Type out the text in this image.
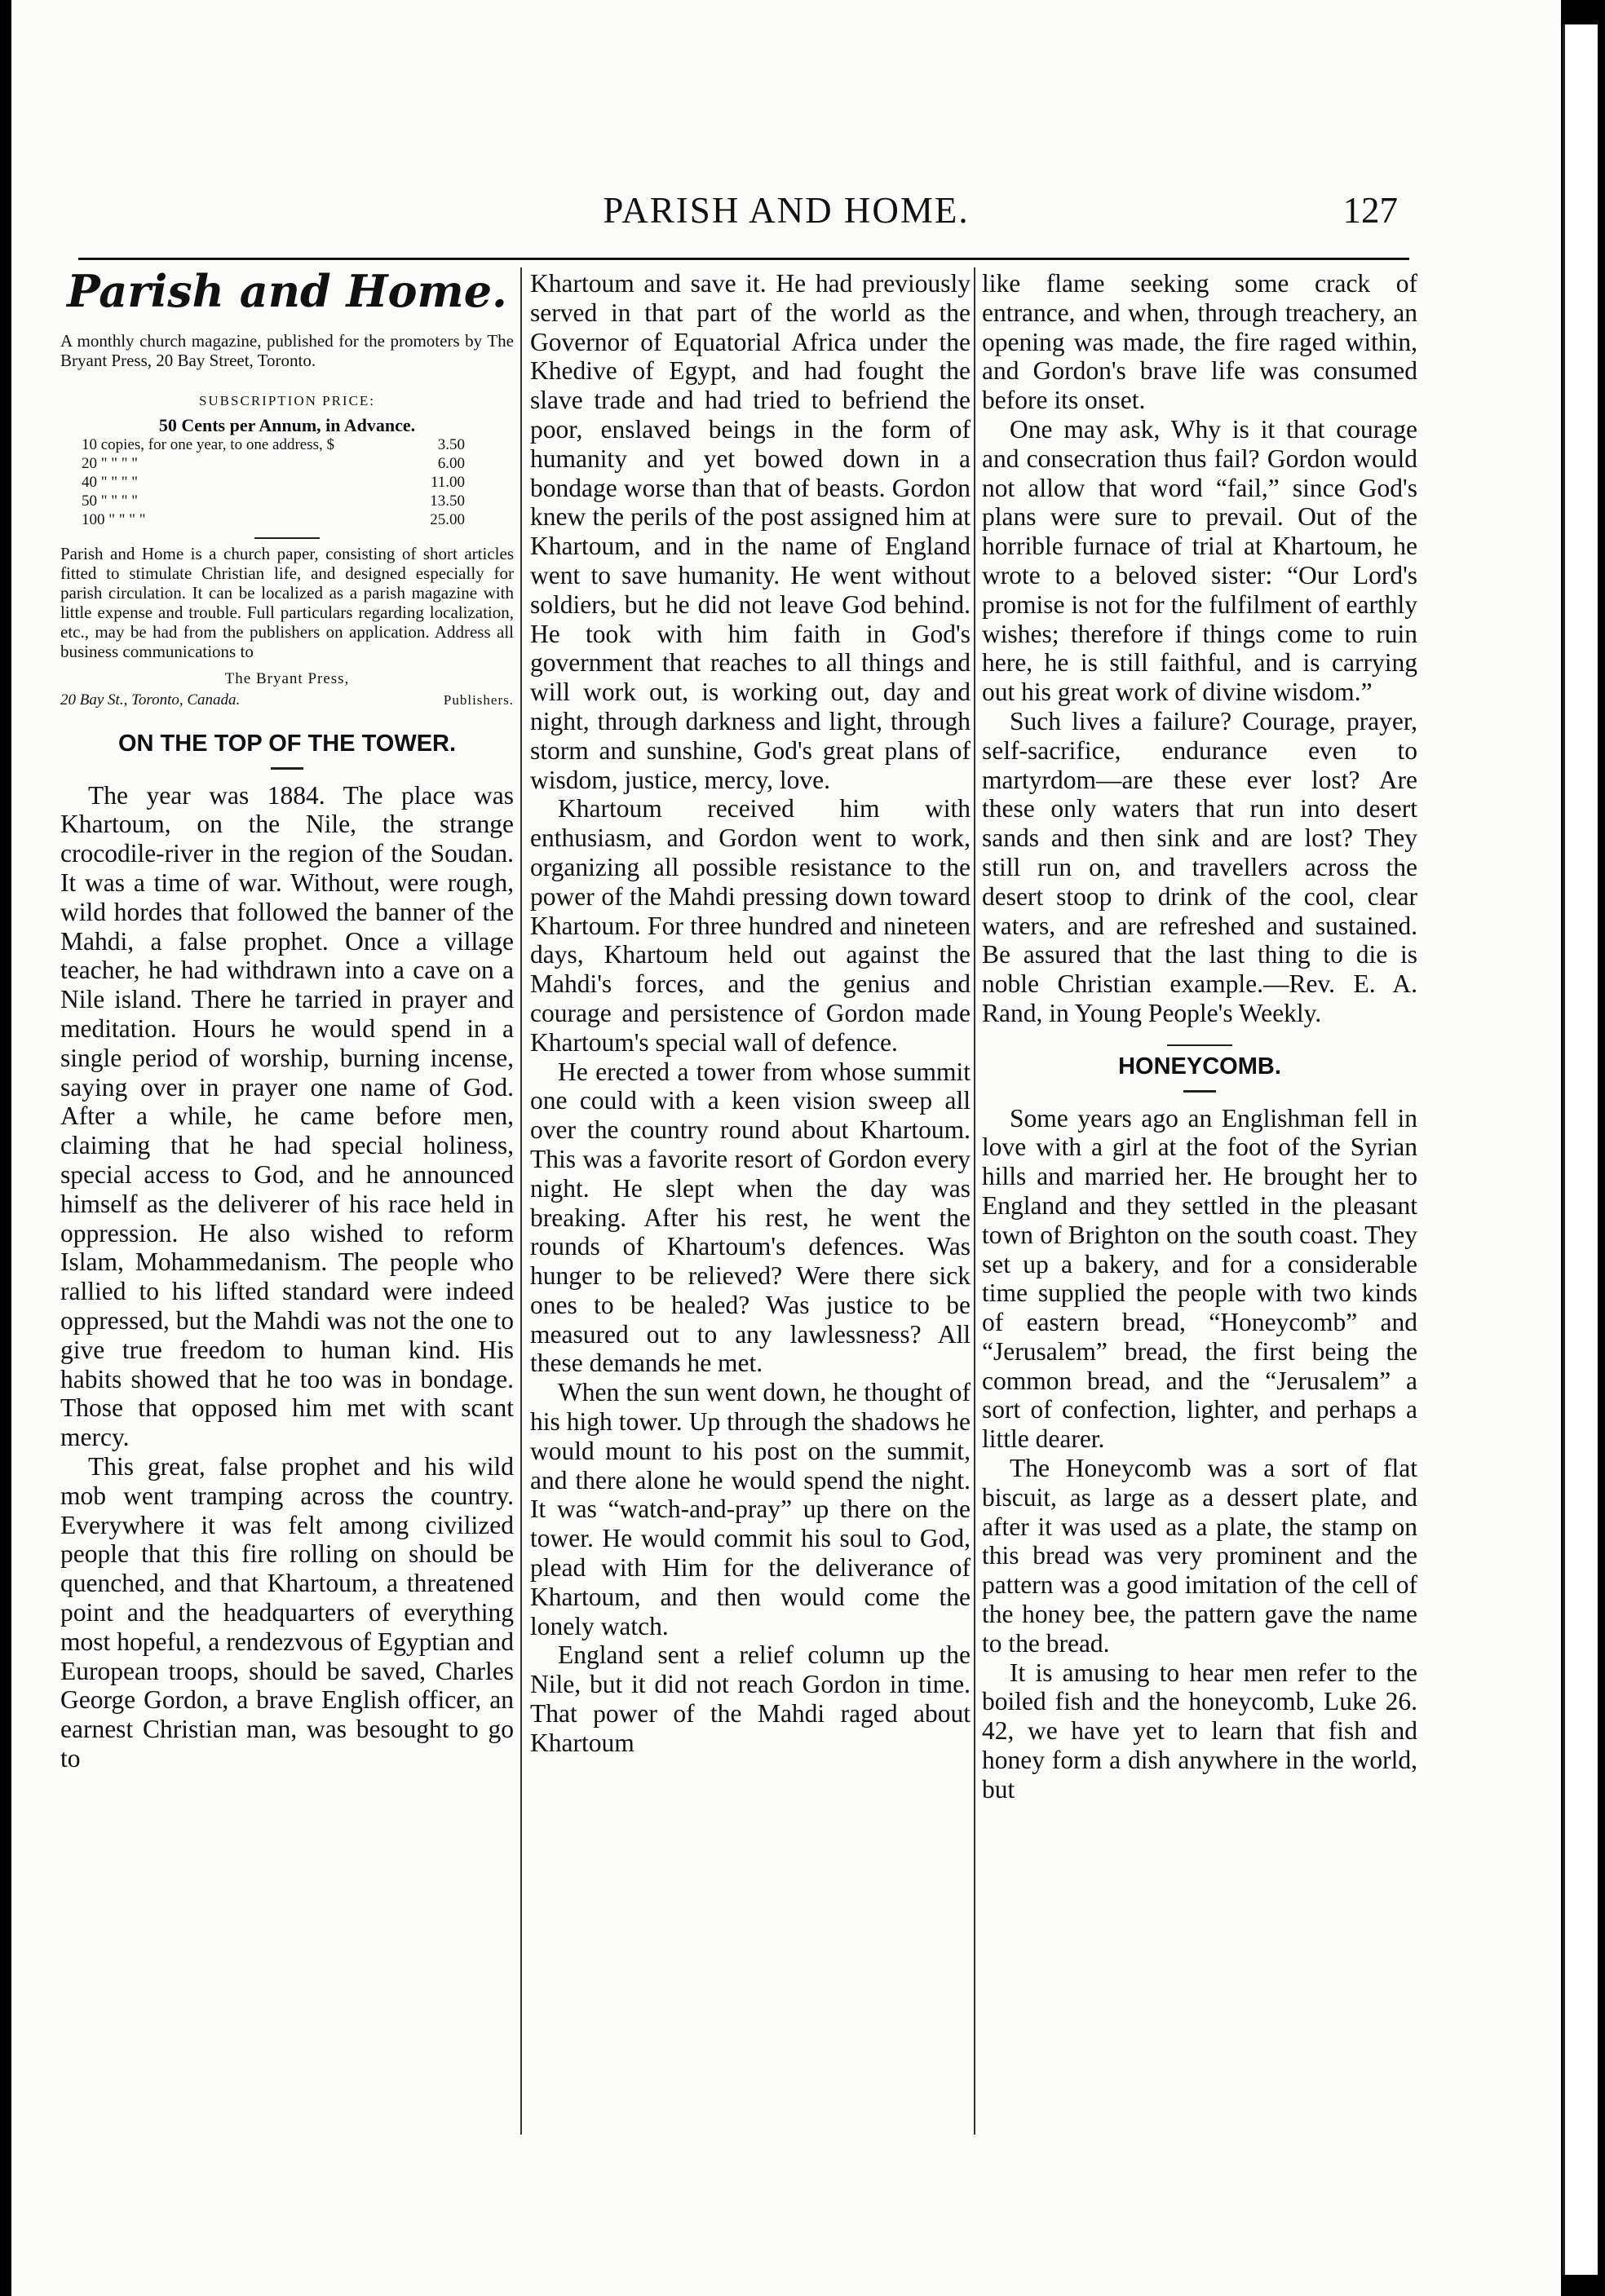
PARISH AND HOME.	127
Parish and Home.

A monthly church magazine, published for the promoters by The Bryant Press, 20 Bay Street, Toronto.

SUBSCRIPTION PRICE:
50 Cents per Annum, in Advance.
10 copies, for one year, to one address, $	3.50
20 " " " "	6.00
40 " " " "	11.00
50 " " " "	13.50
100 " " " "	25.00

Parish and Home is a church paper, consisting of short articles fitted to stimulate Christian life, and designed especially for parish circulation. It can be localized as a parish magazine with little expense and trouble. Full particulars regarding localization, etc., may be had from the publishers on application. Address all business communications to

The Bryant Press,
20 Bay St., Toronto, Canada.	Publishers.
ON THE TOP OF THE TOWER.

The year was 1884. The place was Khartoum, on the Nile, the strange crocodile-river in the region of the Soudan. It was a time of war. Without, were rough, wild hordes that followed the banner of the Mahdi, a false prophet. Once a village teacher, he had withdrawn into a cave on a Nile island. There he tarried in prayer and meditation. Hours he would spend in a single period of worship, burning incense, saying over in prayer one name of God. After a while, he came before men, claiming that he had special holiness, special access to God, and he announced himself as the deliverer of his race held in oppression. He also wished to reform Islam, Mohammedanism. The people who rallied to his lifted standard were indeed oppressed, but the Mahdi was not the one to give true freedom to human kind. His habits showed that he too was in bondage. Those that opposed him met with scant mercy.

This great, false prophet and his wild mob went tramping across the country. Everywhere it was felt among civilized people that this fire rolling on should be quenched, and that Khartoum, a threatened point and the headquarters of everything most hopeful, a rendezvous of Egyptian and European troops, should be saved, Charles George Gordon, a brave English officer, an earnest Christian man, was besought to go to

Khartoum and save it. He had previously served in that part of the world as the Governor of Equatorial Africa under the Khedive of Egypt, and had fought the slave trade and had tried to befriend the poor, enslaved beings in the form of humanity and yet bowed down in a bondage worse than that of beasts. Gordon knew the perils of the post assigned him at Khartoum, and in the name of England went to save humanity. He went without soldiers, but he did not leave God behind. He took with him faith in God's government that reaches to all things and will work out, is working out, day and night, through darkness and light, through storm and sunshine, God's great plans of wisdom, justice, mercy, love.

Khartoum received him with enthusiasm, and Gordon went to work, organizing all possible resistance to the power of the Mahdi pressing down toward Khartoum. For three hundred and nineteen days, Khartoum held out against the Mahdi's forces, and the genius and courage and persistence of Gordon made Khartoum's special wall of defence.

He erected a tower from whose summit one could with a keen vision sweep all over the country round about Khartoum. This was a favorite resort of Gordon every night. He slept when the day was breaking. After his rest, he went the rounds of Khartoum's defences. Was hunger to be relieved? Were there sick ones to be healed? Was justice to be measured out to any lawlessness? All these demands he met.

When the sun went down, he thought of his high tower. Up through the shadows he would mount to his post on the summit, and there alone he would spend the night. It was “watch-and-pray” up there on the tower. He would commit his soul to God, plead with Him for the deliverance of Khartoum, and then would come the lonely watch.

England sent a relief column up the Nile, but it did not reach Gordon in time. That power of the Mahdi raged about Khartoum

like flame seeking some crack of entrance, and when, through treachery, an opening was made, the fire raged within, and Gordon's brave life was consumed before its onset.

One may ask, Why is it that courage and consecration thus fail? Gordon would not allow that word “fail,” since God's plans were sure to prevail. Out of the horrible furnace of trial at Khartoum, he wrote to a beloved sister: “Our Lord's promise is not for the fulfilment of earthly wishes; therefore if things come to ruin here, he is still faithful, and is carrying out his great work of divine wisdom.”

Such lives a failure? Courage, prayer, self-sacrifice, endurance even to martyrdom—are these ever lost? Are these only waters that run into desert sands and then sink and are lost? They still run on, and travellers across the desert stoop to drink of the cool, clear waters, and are refreshed and sustained. Be assured that the last thing to die is noble Christian example.—Rev. E. A. Rand, in Young People's Weekly.

HONEYCOMB.

Some years ago an Englishman fell in love with a girl at the foot of the Syrian hills and married her. He brought her to England and they settled in the pleasant town of Brighton on the south coast. They set up a bakery, and for a considerable time supplied the people with two kinds of eastern bread, “Honeycomb” and “Jerusalem” bread, the first being the common bread, and the “Jerusalem” a sort of confection, lighter, and perhaps a little dearer.

The Honeycomb was a sort of flat biscuit, as large as a dessert plate, and after it was used as a plate, the stamp on this bread was very prominent and the pattern was a good imitation of the cell of the honey bee, the pattern gave the name to the bread.

It is amusing to hear men refer to the boiled fish and the honeycomb, Luke 26. 42, we have yet to learn that fish and honey form a dish anywhere in the world, but
